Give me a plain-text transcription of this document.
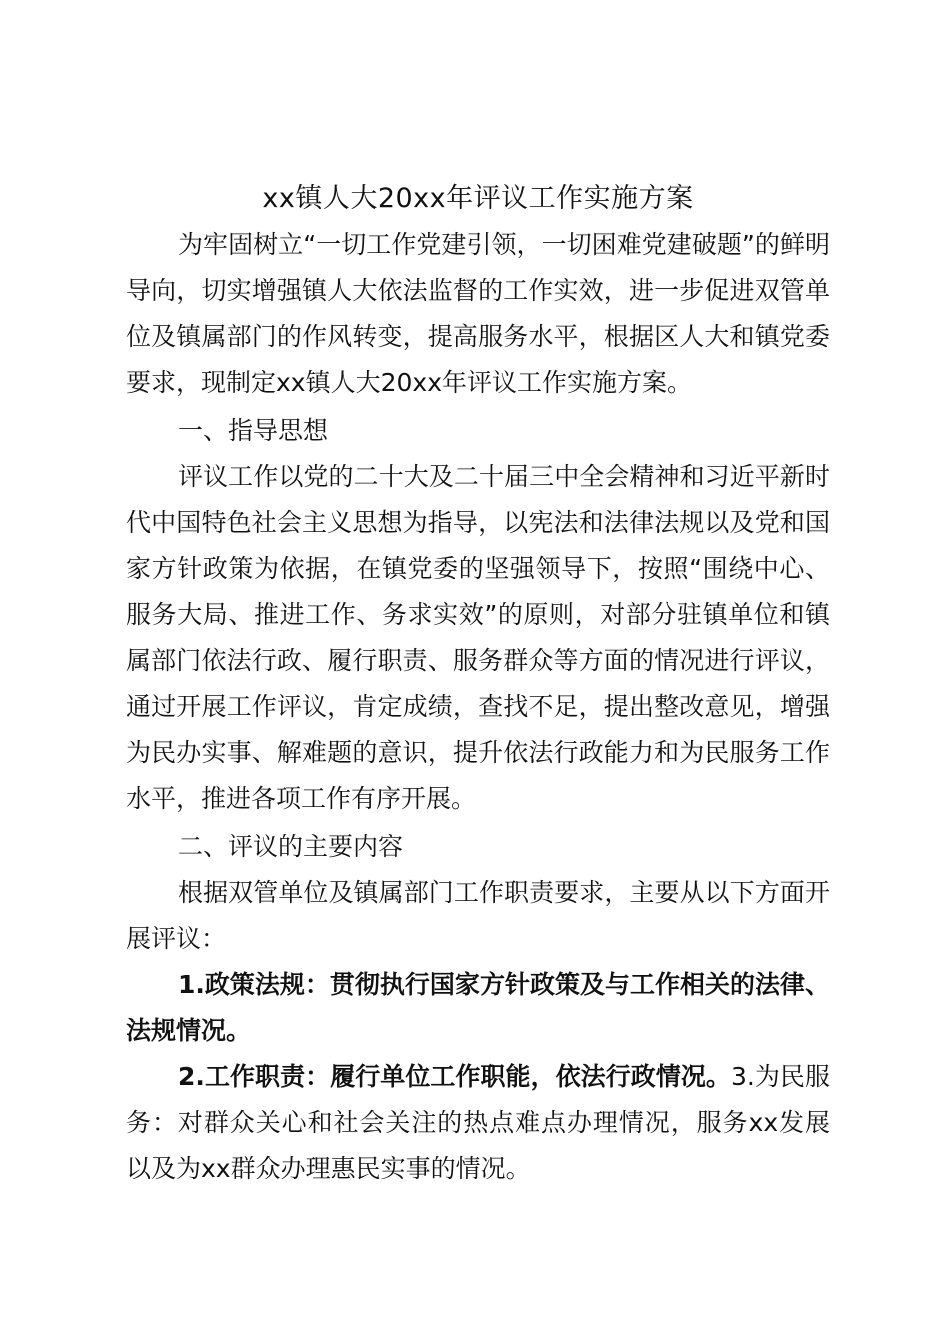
xx镇人大20xx年评议工作实施方案

为牢固树立“一切工作党建引领，一切困难党建破题”的鲜明导向，切实增强镇人大依法监督的工作实效，进一步促进双管单位及镇属部门的作风转变，提高服务水平，根据区人大和镇党委要求，现制定xx镇人大20xx年评议工作实施方案。

一、指导思想

评议工作以党的二十大及二十届三中全会精神和习近平新时代中国特色社会主义思想为指导，以宪法和法律法规以及党和国家方针政策为依据，在镇党委的坚强领导下，按照“围绕中心、服务大局、推进工作、务求实效”的原则，对部分驻镇单位和镇属部门依法行政、履行职责、服务群众等方面的情况进行评议，通过开展工作评议，肯定成绩，查找不足，提出整改意见，增强为民办实事、解难题的意识，提升依法行政能力和为民服务工作水平，推进各项工作有序开展。

二、评议的主要内容

根据双管单位及镇属部门工作职责要求，主要从以下方面开展评议：

1.政策法规：贯彻执行国家方针政策及与工作相关的法律、法规情况。

2.工作职责：履行单位工作职能，依法行政情况。3.为民服务：对群众关心和社会关注的热点难点办理情况，服务xx发展以及为xx群众办理惠民实事的情况。
